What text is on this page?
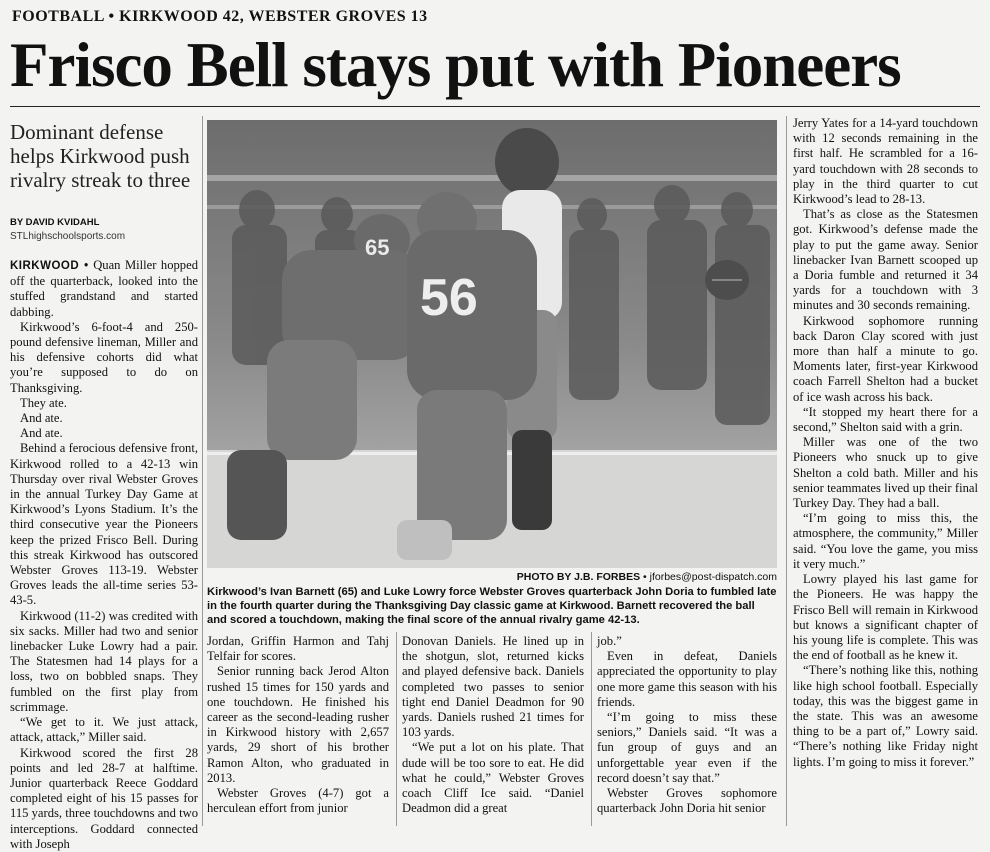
FOOTBALL • KIRKWOOD 42, WEBSTER GROVES 13
Frisco Bell stays put with Pioneers
Dominant defense helps Kirkwood push rivalry streak to three
BY DAVID KVIDAHL
STLhighschoolsports.com

KIRKWOOD • Quan Miller hopped off the quarterback, looked into the stuffed grandstand and started dabbing.

Kirkwood’s 6-foot-4 and 250-pound defensive lineman, Miller and his defensive cohorts did what you’re supposed to do on Thanksgiving.

They ate.

And ate.

And ate.

Behind a ferocious defensive front, Kirkwood rolled to a 42-13 win Thursday over rival Webster Groves in the annual Turkey Day Game at Kirkwood’s Lyons Stadium. It’s the third consecutive year the Pioneers keep the prized Frisco Bell. During this streak Kirkwood has outscored Webster Groves 113-19. Webster Groves leads the all-time series 53-43-5.

Kirkwood (11-2) was credited with six sacks. Miller had two and senior linebacker Luke Lowry had a pair. The Statesmen had 14 plays for a loss, two on bobbled snaps. They fumbled on the first play from scrimmage.

“We get to it. We just attack, attack, attack,” Miller said.

Kirkwood scored the first 28 points and led 28-7 at halftime. Junior quarterback Reece Goddard completed eight of his 15 passes for 115 yards, three touchdowns and two interceptions. Goddard connected with Joseph

65
56
PHOTO BY J.B. FORBES • jforbes@post-dispatch.com
Kirkwood’s Ivan Barnett (65) and Luke Lowry force Webster Groves quarterback John Doria to fumbled late in the fourth quarter during the Thanksgiving Day classic game at Kirkwood. Barnett recovered the ball and scored a touchdown, making the final score of the annual rivalry game 42-13.

Jordan, Griffin Harmon and Tahj Telfair for scores.

Senior running back Jerod Alton rushed 15 times for 150 yards and one touchdown. He finished his career as the second-leading rusher in Kirkwood history with 2,657 yards, 29 short of his brother Ramon Alton, who graduated in 2013.

Webster Groves (4-7) got a herculean effort from junior

Donovan Daniels. He lined up in the shotgun, slot, returned kicks and played defensive back. Daniels completed two passes to senior tight end Daniel Deadmon for 90 yards. Daniels rushed 21 times for 103 yards.

“We put a lot on his plate. That dude will be too sore to eat. He did what he could,” Webster Groves coach Cliff Ice said. “Daniel Deadmon did a great

job.”

Even in defeat, Daniels appreciated the opportunity to play one more game this season with his friends.

“I’m going to miss these seniors,” Daniels said. “It was a fun group of guys and an unforgettable year even if the record doesn’t say that.”

Webster Groves sophomore quarterback John Doria hit senior

Jerry Yates for a 14-yard touchdown with 12 seconds remaining in the first half. He scrambled for a 16-yard touchdown with 28 seconds to play in the third quarter to cut Kirkwood’s lead to 28-13.

That’s as close as the Statesmen got. Kirkwood’s defense made the play to put the game away. Senior linebacker Ivan Barnett scooped up a Doria fumble and returned it 34 yards for a touchdown with 3 minutes and 30 seconds remaining.

Kirkwood sophomore running back Daron Clay scored with just more than half a minute to go. Moments later, first-year Kirkwood coach Farrell Shelton had a bucket of ice wash across his back.

“It stopped my heart there for a second,” Shelton said with a grin.

Miller was one of the two Pioneers who snuck up to give Shelton a cold bath. Miller and his senior teammates lived up their final Turkey Day. They had a ball.

“I’m going to miss this, the atmosphere, the community,” Miller said. “You love the game, you miss it very much.”

Lowry played his last game for the Pioneers. He was happy the Frisco Bell will remain in Kirkwood but knows a significant chapter of his young life is complete. This was the end of football as he knew it.

“There’s nothing like this, nothing like high school football. Especially today, this was the biggest game in the state. This was an awesome thing to be a part of,” Lowry said. “There’s nothing like Friday night lights. I’m going to miss it forever.”
